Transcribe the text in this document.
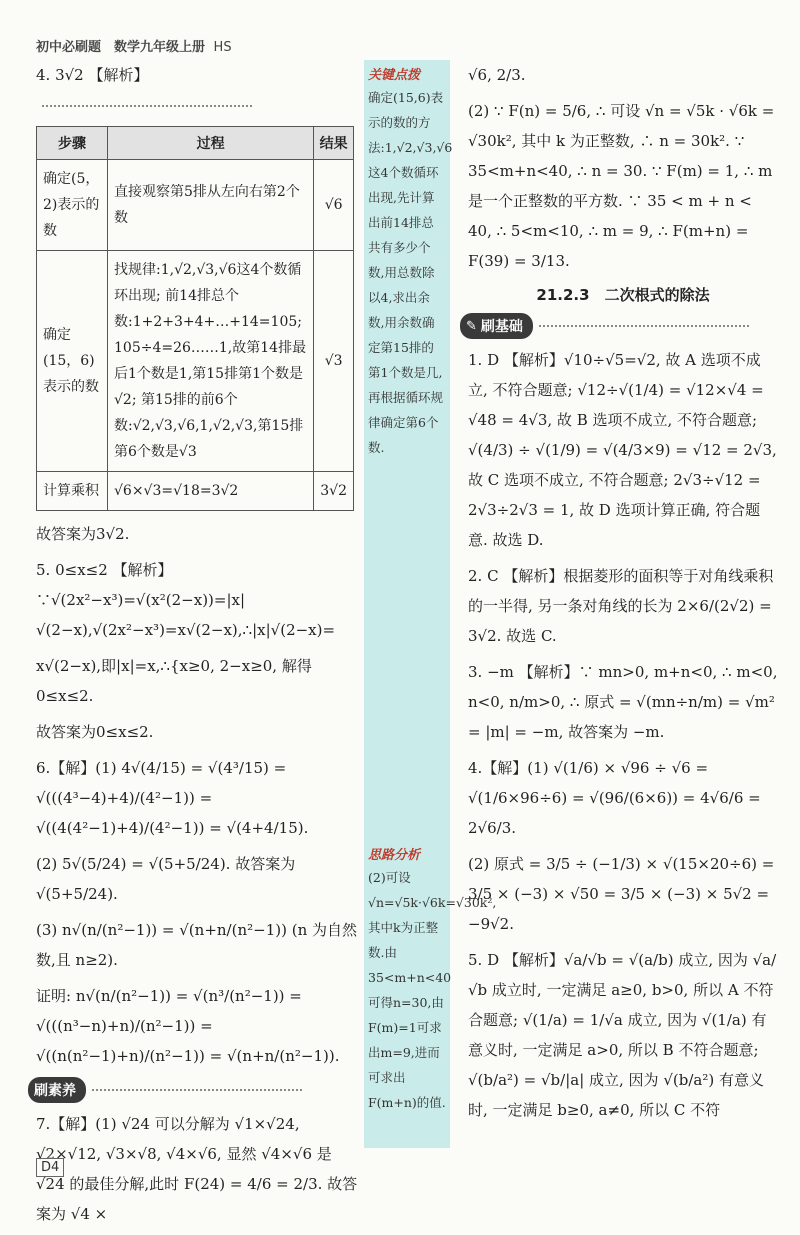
初中必刷题　数学九年级上册 HS
4. 3√2 【解析】
步骤	过程	结果
确定(5，2)表示的数	直接观察第5排从左向右第2个数	√6
确定(15，6)表示的数	找规律:1,√2,√3,√6这4个数循环出现; 前14排总个数:1+2+3+4+…+14=105; 105÷4=26……1,故第14排最后1个数是1,第15排第1个数是√2; 第15排的前6个数:√2,√3,√6,1,√2,√3,第15排第6个数是√3	√3
计算乘积	√6×√3=√18=3√2	3√2
故答案为3√2.
5. 0≤x≤2 【解析】∵√(2x²−x³)=√(x²(2−x))=|x|√(2−x),√(2x²−x³)=x√(2−x),∴|x|√(2−x)=
x√(2−x),即|x|=x,∴{x≥0, 2−x≥0, 解得0≤x≤2.
故答案为0≤x≤2.
6.【解】(1) 4√(4/15) = √(4³/15) = √(((4³−4)+4)/(4²−1)) = √((4(4²−1)+4)/(4²−1)) = √(4+4/15).
(2) 5√(5/24) = √(5+5/24). 故答案为 √(5+5/24).
(3) n√(n/(n²−1)) = √(n+n/(n²−1)) (n 为自然数,且 n≥2).
证明: n√(n/(n²−1)) = √(n³/(n²−1)) = √(((n³−n)+n)/(n²−1)) = √((n(n²−1)+n)/(n²−1)) = √(n+n/(n²−1)).
刷素养
7.【解】(1) √24 可以分解为 √1×√24, √2×√12, √3×√8, √4×√6, 显然 √4×√6 是 √24 的最佳分解,此时 F(24) = 4/6 = 2/3. 故答案为 √4 ×
关键点拨
确定(15,6)表示的数的方法:1,√2,√3,√6这4个数循环出现,先计算出前14排总共有多少个数,用总数除以4,求出余数,用余数确定第15排的第1个数是几,再根据循环规律确定第6个数.
思路分析
(2)可设√n=√5k·√6k=√30k²,其中k为正整数.由35<m+n<40可得n=30,由F(m)=1可求出m=9,进而可求出F(m+n)的值.
√6, 2/3.
(2) ∵ F(n) = 5/6, ∴ 可设 √n = √5k · √6k = √30k², 其中 k 为正整数, ∴ n = 30k². ∵ 35<m+n<40, ∴ n = 30. ∵ F(m) = 1, ∴ m 是一个正整数的平方数. ∵ 35 < m + n < 40, ∴ 5<m<10, ∴ m = 9, ∴ F(m+n) = F(39) = 3/13.
21.2.3　二次根式的除法
✎ 刷基础
1. D 【解析】√10÷√5=√2, 故 A 选项不成立, 不符合题意; √12÷√(1/4) = √12×√4 = √48 = 4√3, 故 B 选项不成立, 不符合题意; √(4/3) ÷ √(1/9) = √(4/3×9) = √12 = 2√3, 故 C 选项不成立, 不符合题意; 2√3÷√12 = 2√3÷2√3 = 1, 故 D 选项计算正确, 符合题意. 故选 D.
2. C 【解析】根据菱形的面积等于对角线乘积的一半得, 另一条对角线的长为 2×6/(2√2) = 3√2. 故选 C.
3. −m 【解析】∵ mn>0, m+n<0, ∴ m<0, n<0, n/m>0, ∴ 原式 = √(mn÷n/m) = √m² = |m| = −m, 故答案为 −m.
4.【解】(1) √(1/6) × √96 ÷ √6 = √(1/6×96÷6) = √(96/(6×6)) = 4√6/6 = 2√6/3.
(2) 原式 = 3/5 ÷ (−1/3) × √(15×20÷6) = 3/5 × (−3) × √50 = 3/5 × (−3) × 5√2 = −9√2.
5. D 【解析】√a/√b = √(a/b) 成立, 因为 √a/√b 成立时, 一定满足 a≥0, b>0, 所以 A 不符合题意; √(1/a) = 1/√a 成立, 因为 √(1/a) 有意义时, 一定满足 a>0, 所以 B 不符合题意; √(b/a²) = √b/|a| 成立, 因为 √(b/a²) 有意义时, 一定满足 b≥0, a≠0, 所以 C 不符
D4
